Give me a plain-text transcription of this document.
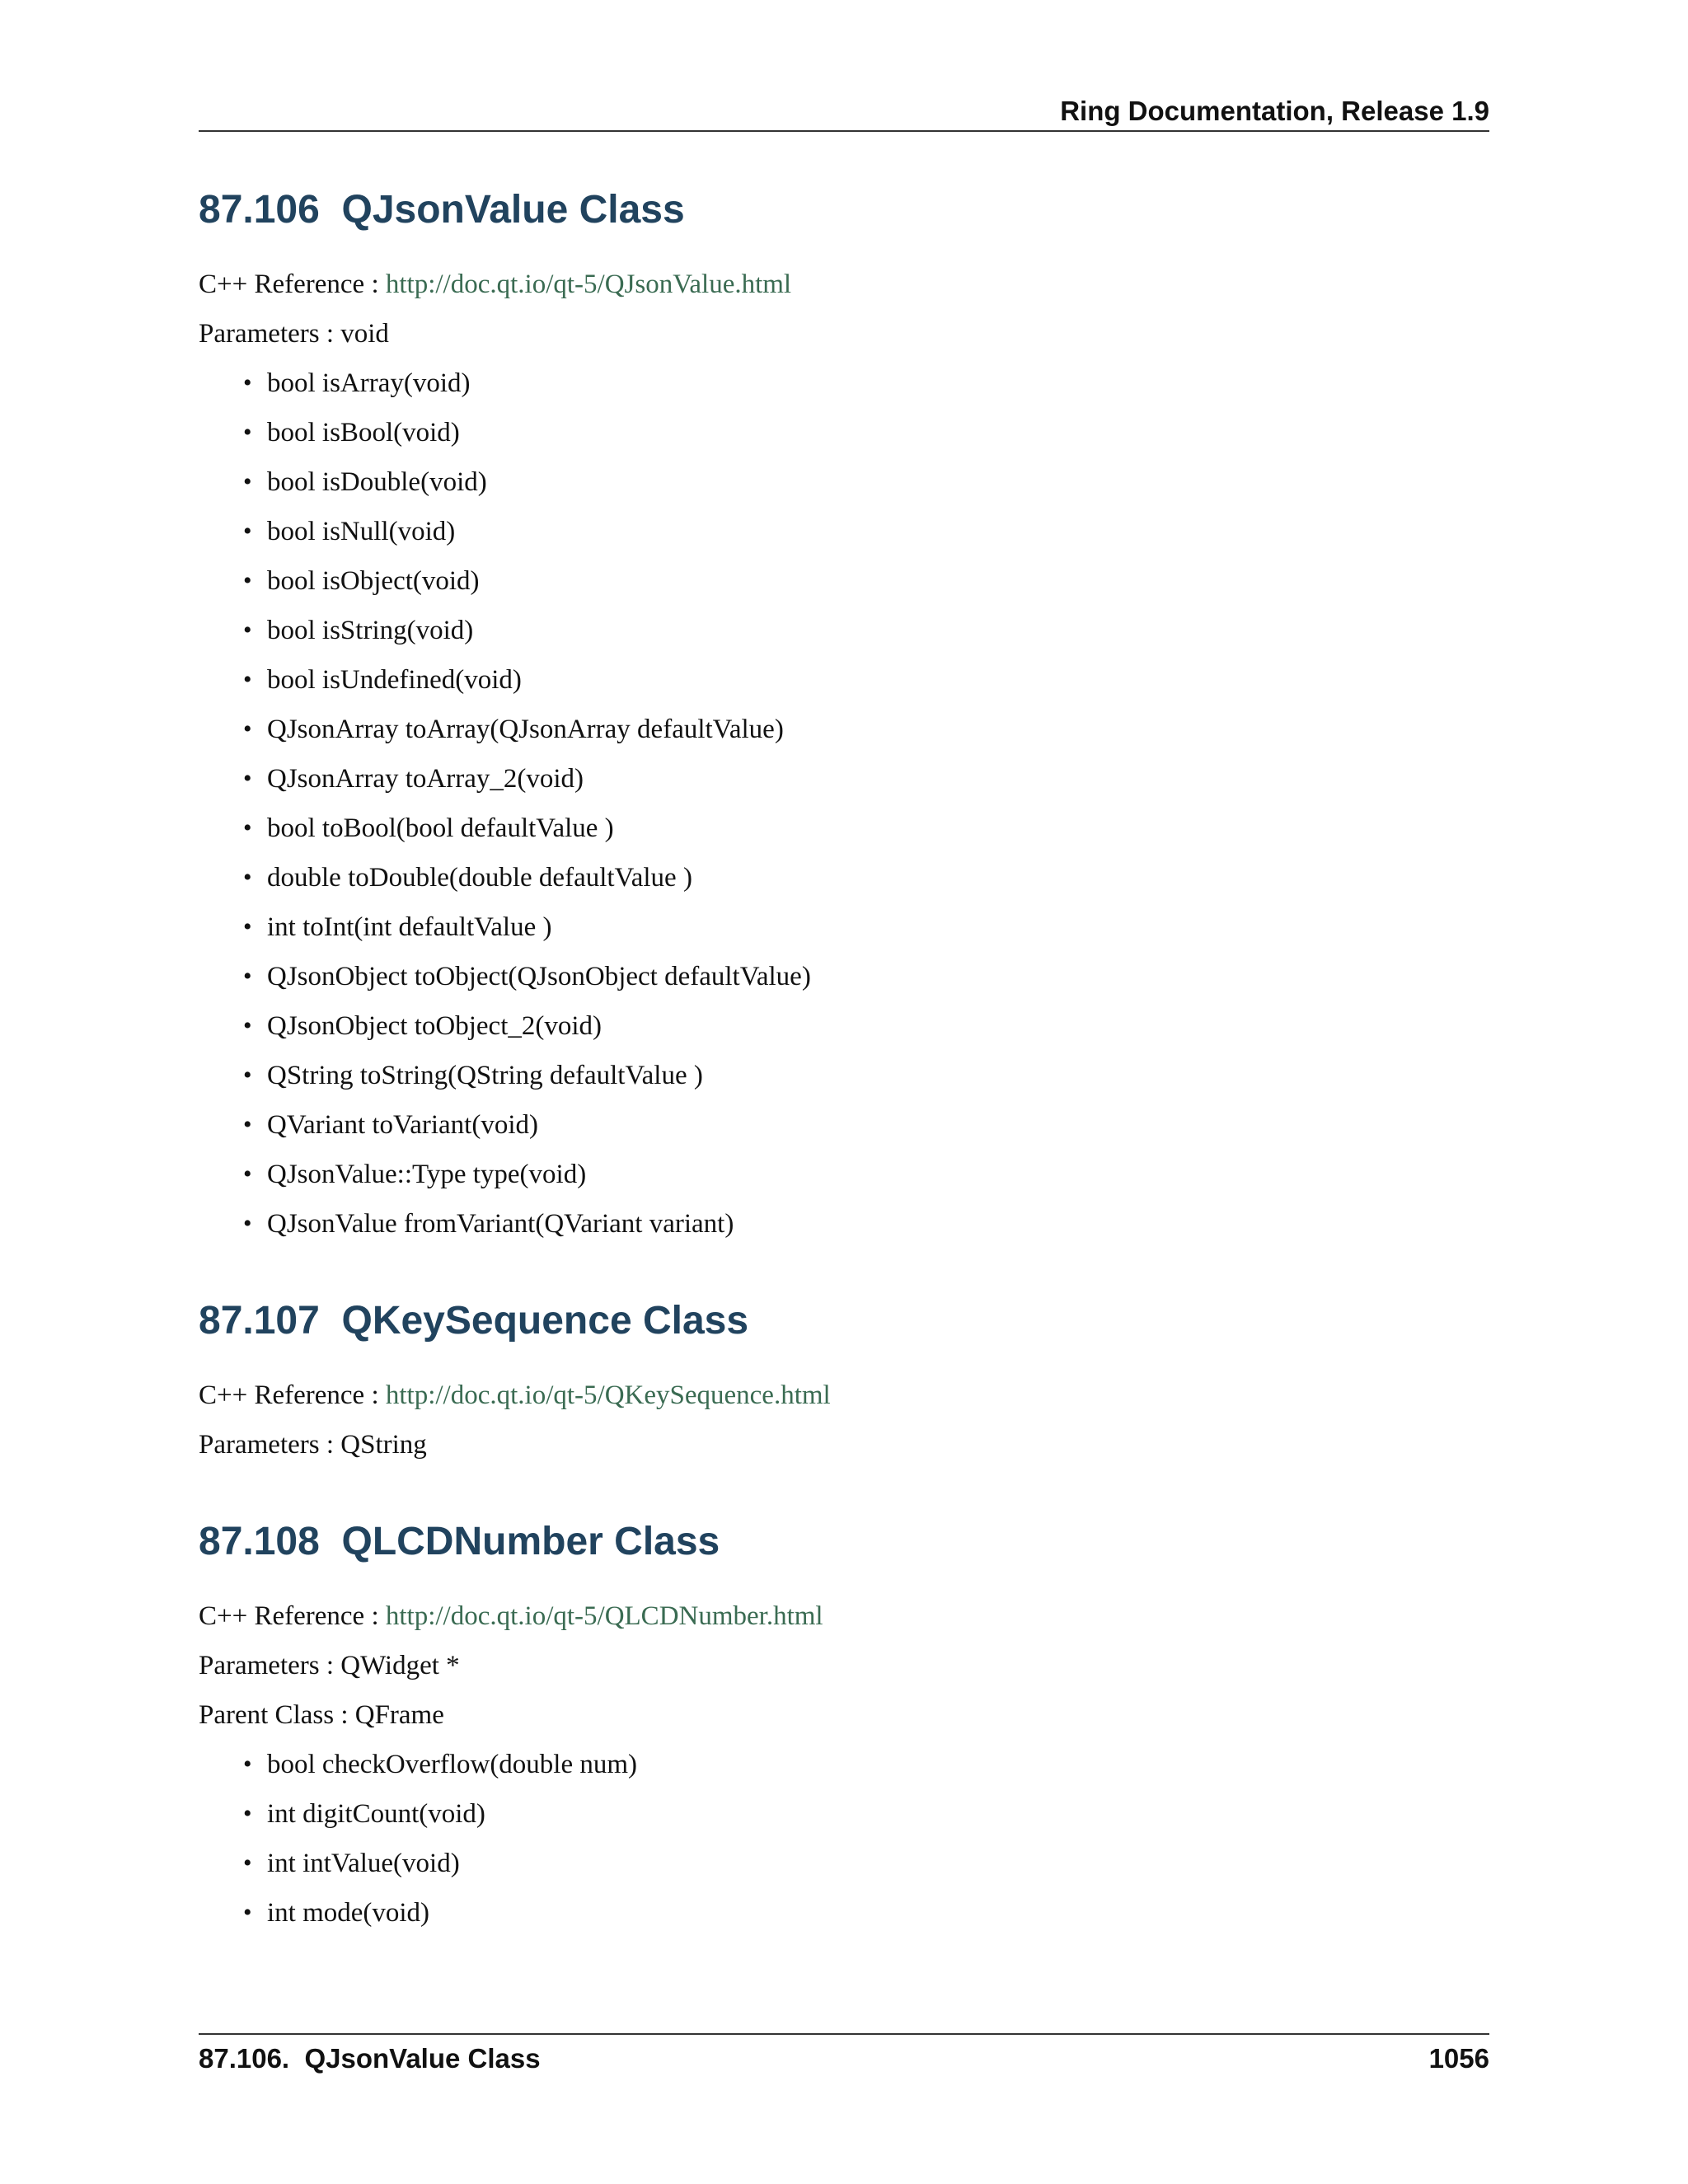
Ring Documentation, Release 1.9
87.106  QJsonValue Class
C++ Reference : http://doc.qt.io/qt-5/QJsonValue.html
Parameters : void
• bool isArray(void)
• bool isBool(void)
• bool isDouble(void)
• bool isNull(void)
• bool isObject(void)
• bool isString(void)
• bool isUndefined(void)
• QJsonArray toArray(QJsonArray defaultValue)
• QJsonArray toArray_2(void)
• bool toBool(bool defaultValue )
• double toDouble(double defaultValue )
• int toInt(int defaultValue )
• QJsonObject toObject(QJsonObject defaultValue)
• QJsonObject toObject_2(void)
• QString toString(QString defaultValue )
• QVariant toVariant(void)
• QJsonValue::Type type(void)
• QJsonValue fromVariant(QVariant variant)
87.107  QKeySequence Class
C++ Reference : http://doc.qt.io/qt-5/QKeySequence.html
Parameters : QString
87.108  QLCDNumber Class
C++ Reference : http://doc.qt.io/qt-5/QLCDNumber.html
Parameters : QWidget *
Parent Class : QFrame
• bool checkOverflow(double num)
• int digitCount(void)
• int intValue(void)
• int mode(void)
87.106.  QJsonValue Class	1056
